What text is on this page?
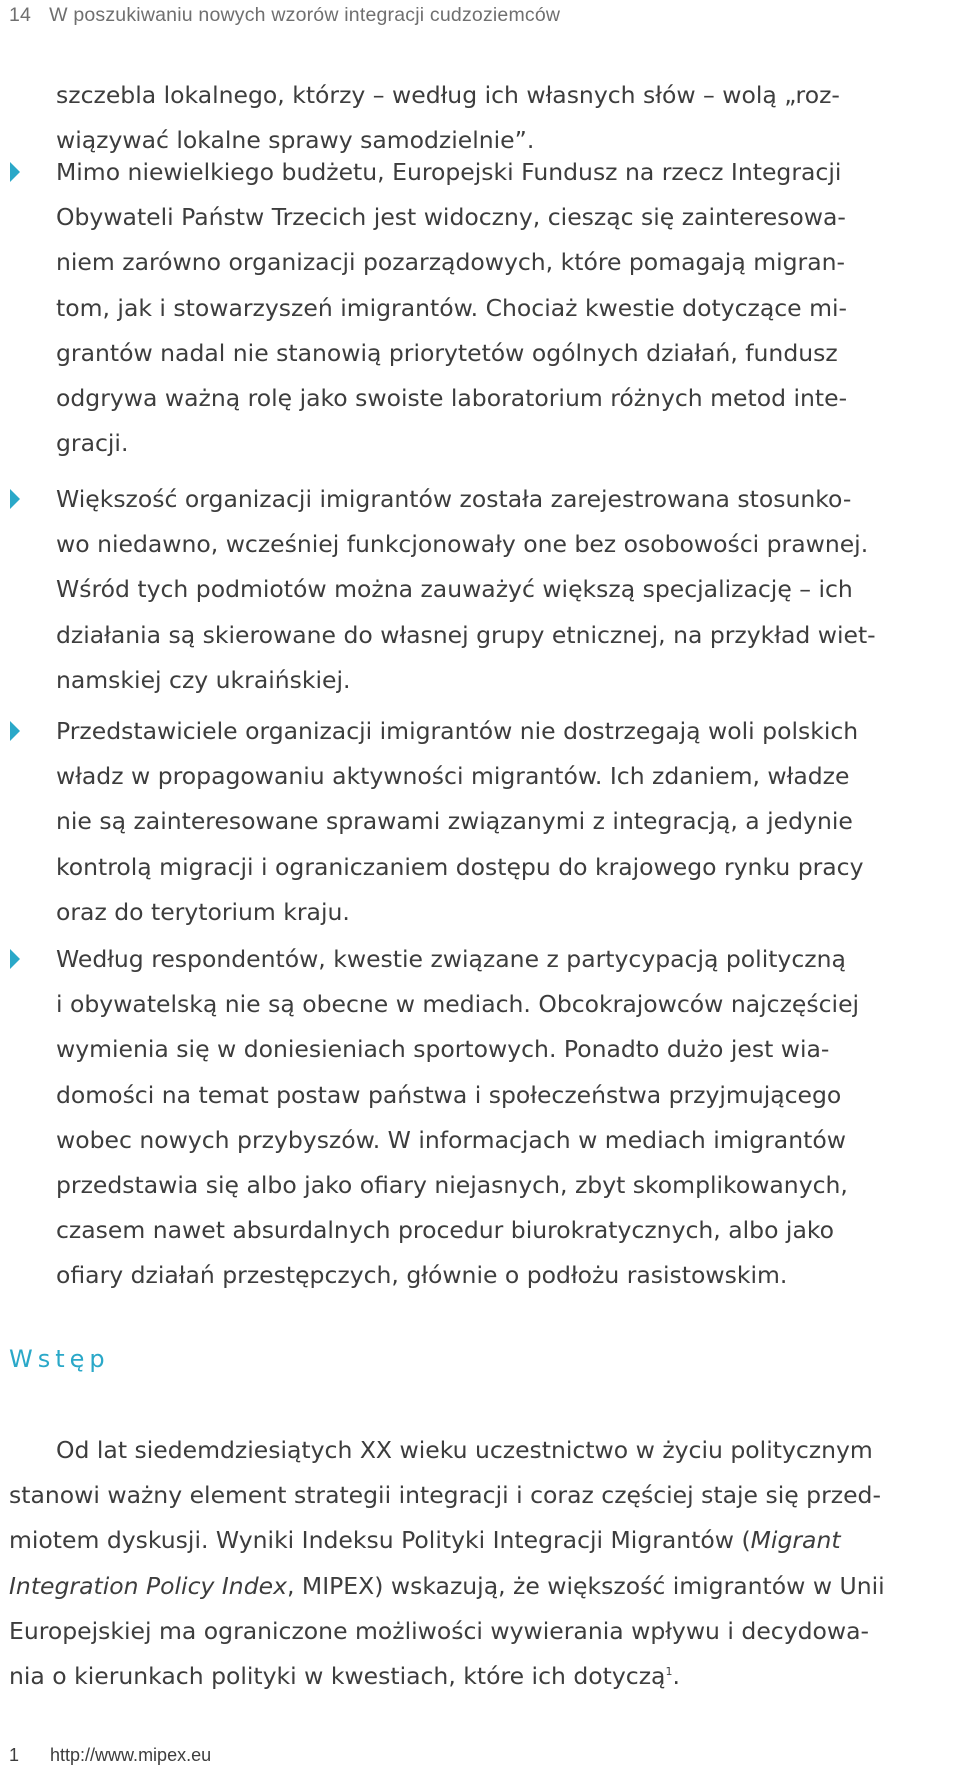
14 W poszukiwaniu nowych wzorów integracji cudzoziemców
szczebla lokalnego, którzy – według ich własnych słów – wolą „roz-
wiązywać lokalne sprawy samodzielnie”.
Mimo niewielkiego budżetu, Europejski Fundusz na rzecz Integracji
Obywateli Państw Trzecich jest widoczny, ciesząc się zainteresowa-
niem zarówno organizacji pozarządowych, które pomagają migran-
tom, jak i stowarzyszeń imigrantów. Chociaż kwestie dotyczące mi-
grantów nadal nie stanowią priorytetów ogólnych działań, fundusz
odgrywa ważną rolę jako swoiste laboratorium różnych metod inte-
gracji.
Większość organizacji imigrantów została zarejestrowana stosunko-
wo niedawno, wcześniej funkcjonowały one bez osobowości prawnej.
Wśród tych podmiotów można zauważyć większą specjalizację – ich
działania są skierowane do własnej grupy etnicznej, na przykład wiet-
namskiej czy ukraińskiej.
Przedstawiciele organizacji imigrantów nie dostrzegają woli polskich
władz w propagowaniu aktywności migrantów. Ich zdaniem, władze
nie są zainteresowane sprawami związanymi z integracją, a jedynie
kontrolą migracji i ograniczaniem dostępu do krajowego rynku pracy
oraz do terytorium kraju.
Według respondentów, kwestie związane z partycypacją polityczną
i obywatelską nie są obecne w mediach. Obcokrajowców najczęściej
wymienia się w doniesieniach sportowych. Ponadto dużo jest wia-
domości na temat postaw państwa i społeczeństwa przyjmującego
wobec nowych przybyszów. W informacjach w mediach imigrantów
przedstawia się albo jako ofiary niejasnych, zbyt skomplikowanych,
czasem nawet absurdalnych procedur biurokratycznych, albo jako
ofiary działań przestępczych, głównie o podłożu rasistowskim.
Wstęp
Od lat siedemdziesiątych XX wieku uczestnictwo w życiu politycznym
stanowi ważny element strategii integracji i coraz częściej staje się przed-
miotem dyskusji. Wyniki Indeksu Polityki Integracji Migrantów (Migrant
Integration Policy Index, MIPEX) wskazują, że większość imigrantów w Unii
Europejskiej ma ograniczone możliwości wywierania wpływu i decydowa-
nia o kierunkach polityki w kwestiach, które ich dotyczą$^1$.
1 http://www.mipex.eu
